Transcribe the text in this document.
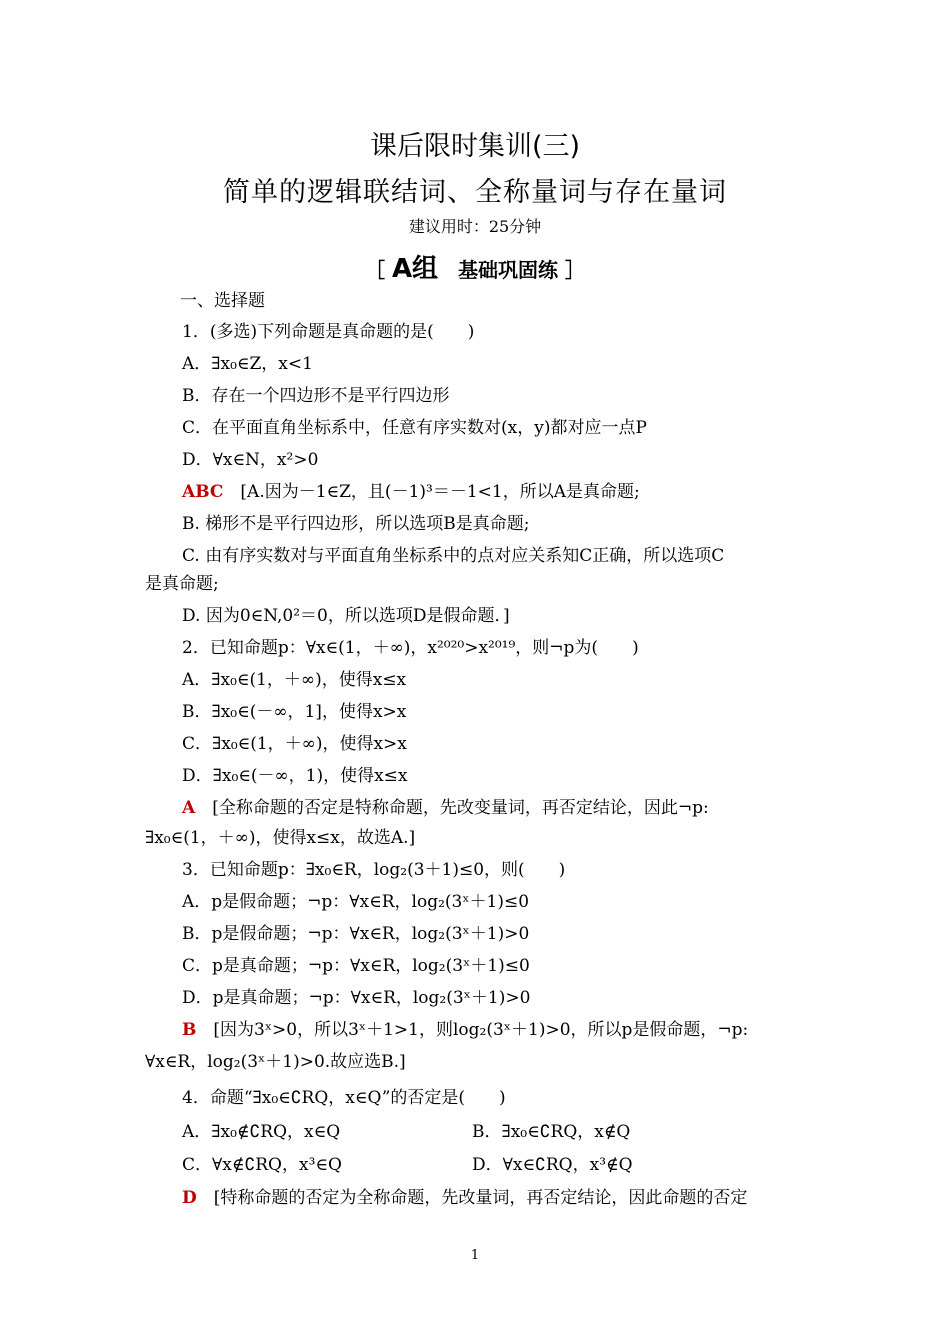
课后限时集训(三)
简单的逻辑联结词、全称量词与存在量词
建议用时：25分钟
［ A组　 基础巩固练 ］
一、选择题
1．(多选)下列命题是真命题的是(　　)
A．∃x₀∈Z，x<1
B．存在一个四边形不是平行四边形
C．在平面直角坐标系中，任意有序实数对(x，y)都对应一点P
D．∀x∈N，x²>0
ABC　 [A.因为－1∈Z，且(－1)³＝－1<1，所以A是真命题;
B. 梯形不是平行四边形，所以选项B是真命题;
C. 由有序实数对与平面直角坐标系中的点对应关系知C正确，所以选项C
是真命题;
D. 因为0∈N,0²＝0，所以选项D是假命题．]
2．已知命题p：∀x∈(1，＋∞)，x²⁰²⁰>x²⁰¹⁹，则¬p为(　　)
A．∃x₀∈(1，＋∞)，使得x≤x
B．∃x₀∈(－∞，1]，使得x>x
C．∃x₀∈(1，＋∞)，使得x>x
D．∃x₀∈(－∞，1)，使得x≤x
A　 [全称命题的否定是特称命题，先改变量词，再否定结论，因此¬p:
∃x₀∈(1，＋∞)，使得x≤x，故选A.]
3．已知命题p：∃x₀∈R，log₂(3＋1)≤0，则(　　)
A．p是假命题；¬p：∀x∈R，log₂(3ˣ＋1)≤0
B．p是假命题；¬p：∀x∈R，log₂(3ˣ＋1)>0
C．p是真命题；¬p：∀x∈R，log₂(3ˣ＋1)≤0
D．p是真命题；¬p：∀x∈R，log₂(3ˣ＋1)>0
B　 [因为3ˣ>0，所以3ˣ＋1>1，则log₂(3ˣ＋1)>0，所以p是假命题，¬p:
∀x∈R，log₂(3ˣ＋1)>0.故应选B.]
4．命题“∃x₀∈∁RQ，x∈Q”的否定是(　　)
A．∃x₀∉∁RQ，x∈Q	B．∃x₀∈∁RQ，x∉Q
C．∀x∉∁RQ，x³∈Q	D．∀x∈∁RQ，x³∉Q
D　 [特称命题的否定为全称命题，先改量词，再否定结论，因此命题的否定
1
